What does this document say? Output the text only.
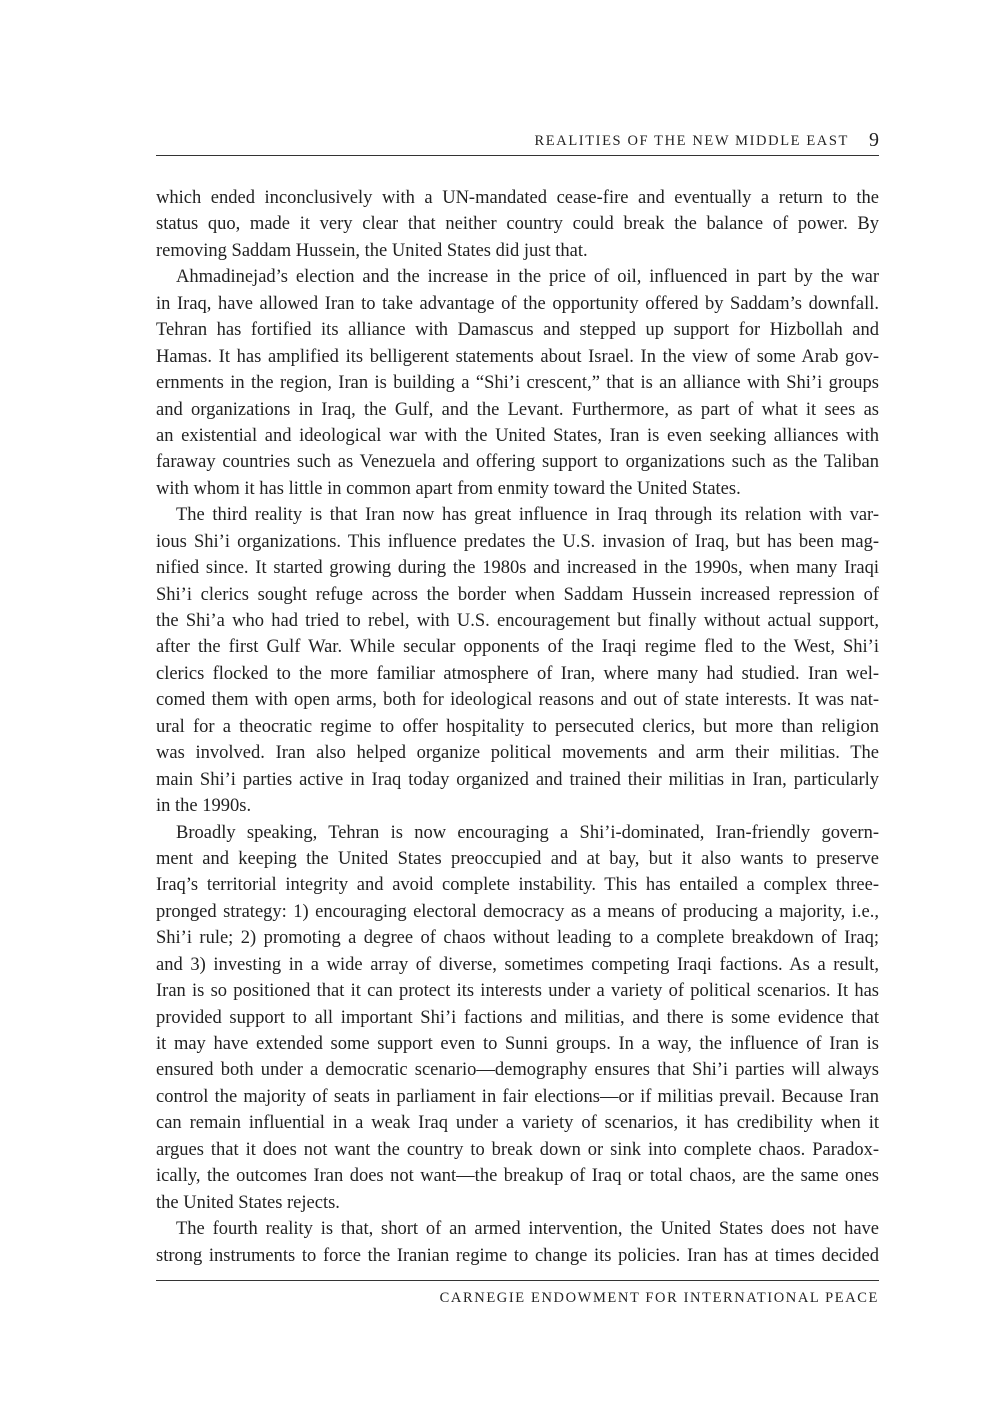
REALITIES OF THE NEW MIDDLE EAST 9
which ended inconclusively with a UN-mandated cease-fire and eventually a return to the
status quo, made it very clear that neither country could break the balance of power. By
removing Saddam Hussein, the United States did just that.
Ahmadinejad’s election and the increase in the price of oil, influenced in part by the war
in Iraq, have allowed Iran to take advantage of the opportunity offered by Saddam’s downfall.
Tehran has fortified its alliance with Damascus and stepped up support for Hizbollah and
Hamas. It has amplified its belligerent statements about Israel. In the view of some Arab gov-
ernments in the region, Iran is building a “Shi’i crescent,” that is an alliance with Shi’i groups
and organizations in Iraq, the Gulf, and the Levant. Furthermore, as part of what it sees as
an existential and ideological war with the United States, Iran is even seeking alliances with
faraway countries such as Venezuela and offering support to organizations such as the Taliban
with whom it has little in common apart from enmity toward the United States.
The third reality is that Iran now has great influence in Iraq through its relation with var-
ious Shi’i organizations. This influence predates the U.S. invasion of Iraq, but has been mag-
nified since. It started growing during the 1980s and increased in the 1990s, when many Iraqi
Shi’i clerics sought refuge across the border when Saddam Hussein increased repression of
the Shi’a who had tried to rebel, with U.S. encouragement but finally without actual support,
after the first Gulf War. While secular opponents of the Iraqi regime fled to the West, Shi’i
clerics flocked to the more familiar atmosphere of Iran, where many had studied. Iran wel-
comed them with open arms, both for ideological reasons and out of state interests. It was nat-
ural for a theocratic regime to offer hospitality to persecuted clerics, but more than religion
was involved. Iran also helped organize political movements and arm their militias. The
main Shi’i parties active in Iraq today organized and trained their militias in Iran, particularly
in the 1990s.
Broadly speaking, Tehran is now encouraging a Shi’i-dominated, Iran-friendly govern-
ment and keeping the United States preoccupied and at bay, but it also wants to preserve
Iraq’s territorial integrity and avoid complete instability. This has entailed a complex three-
pronged strategy: 1) encouraging electoral democracy as a means of producing a majority, i.e.,
Shi’i rule; 2) promoting a degree of chaos without leading to a complete breakdown of Iraq;
and 3) investing in a wide array of diverse, sometimes competing Iraqi factions. As a result,
Iran is so positioned that it can protect its interests under a variety of political scenarios. It has
provided support to all important Shi’i factions and militias, and there is some evidence that
it may have extended some support even to Sunni groups. In a way, the influence of Iran is
ensured both under a democratic scenario—demography ensures that Shi’i parties will always
control the majority of seats in parliament in fair elections—or if militias prevail. Because Iran
can remain influential in a weak Iraq under a variety of scenarios, it has credibility when it
argues that it does not want the country to break down or sink into complete chaos. Paradox-
ically, the outcomes Iran does not want—the breakup of Iraq or total chaos, are the same ones
the United States rejects.
The fourth reality is that, short of an armed intervention, the United States does not have
strong instruments to force the Iranian regime to change its policies. Iran has at times decided
CARNEGIE ENDOWMENT FOR INTERNATIONAL PEACE
